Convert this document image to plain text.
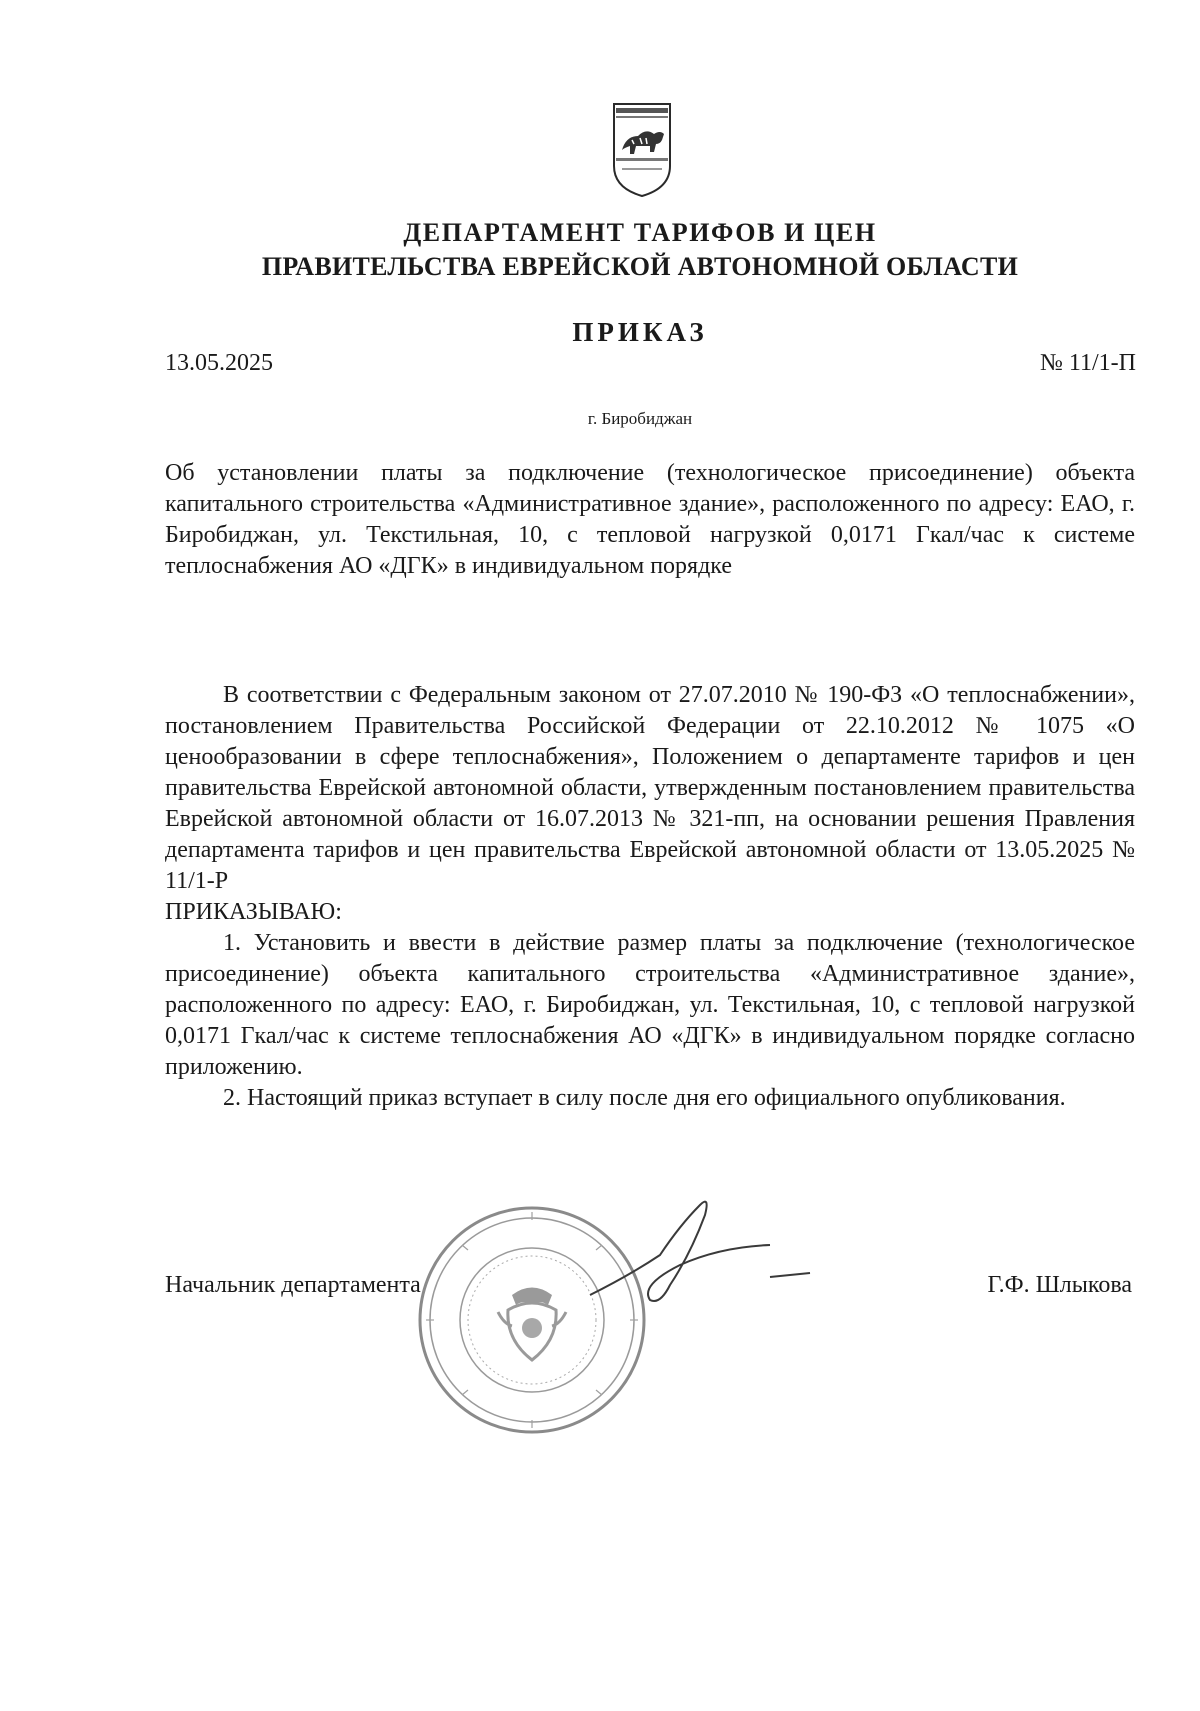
ДЕПАРТАМЕНТ ТАРИФОВ И ЦЕН
ПРАВИТЕЛЬСТВА ЕВРЕЙСКОЙ АВТОНОМНОЙ ОБЛАСТИ
ПРИКАЗ
13.05.2025	№ 11/1-П
г. Биробиджан
Об установлении платы за подключение (технологическое присоединение) объекта капитального строительства «Административное здание», расположенного по адресу: ЕАО, г. Биробиджан, ул. Текстильная, 10, с тепловой нагрузкой 0,0171 Гкал/час к системе теплоснабжения АО «ДГК» в индивидуальном порядке

В соответствии с Федеральным законом от 27.07.2010 № 190-ФЗ «О теплоснабжении», постановлением Правительства Российской Федерации от 22.10.2012 № 1075 «О ценообразовании в сфере теплоснабжения», Положением о департаменте тарифов и цен правительства Еврейской автономной области, утвержденным постановлением правительства Еврейской автономной области от 16.07.2013 № 321-пп, на основании решения Правления департамента тарифов и цен правительства Еврейской автономной области от 13.05.2025 № 11/1-Р

ПРИКАЗЫВАЮ:

1. Установить и ввести в действие размер платы за подключение (технологическое присоединение) объекта капитального строительства «Административное здание», расположенного по адресу: ЕАО, г. Биробиджан, ул. Текстильная, 10, с тепловой нагрузкой 0,0171 Гкал/час к системе теплоснабжения АО «ДГК» в индивидуальном порядке согласно приложению.

2. Настоящий приказ вступает в силу после дня его официального опубликования.

Начальник департамента	Г.Ф. Шлыкова
